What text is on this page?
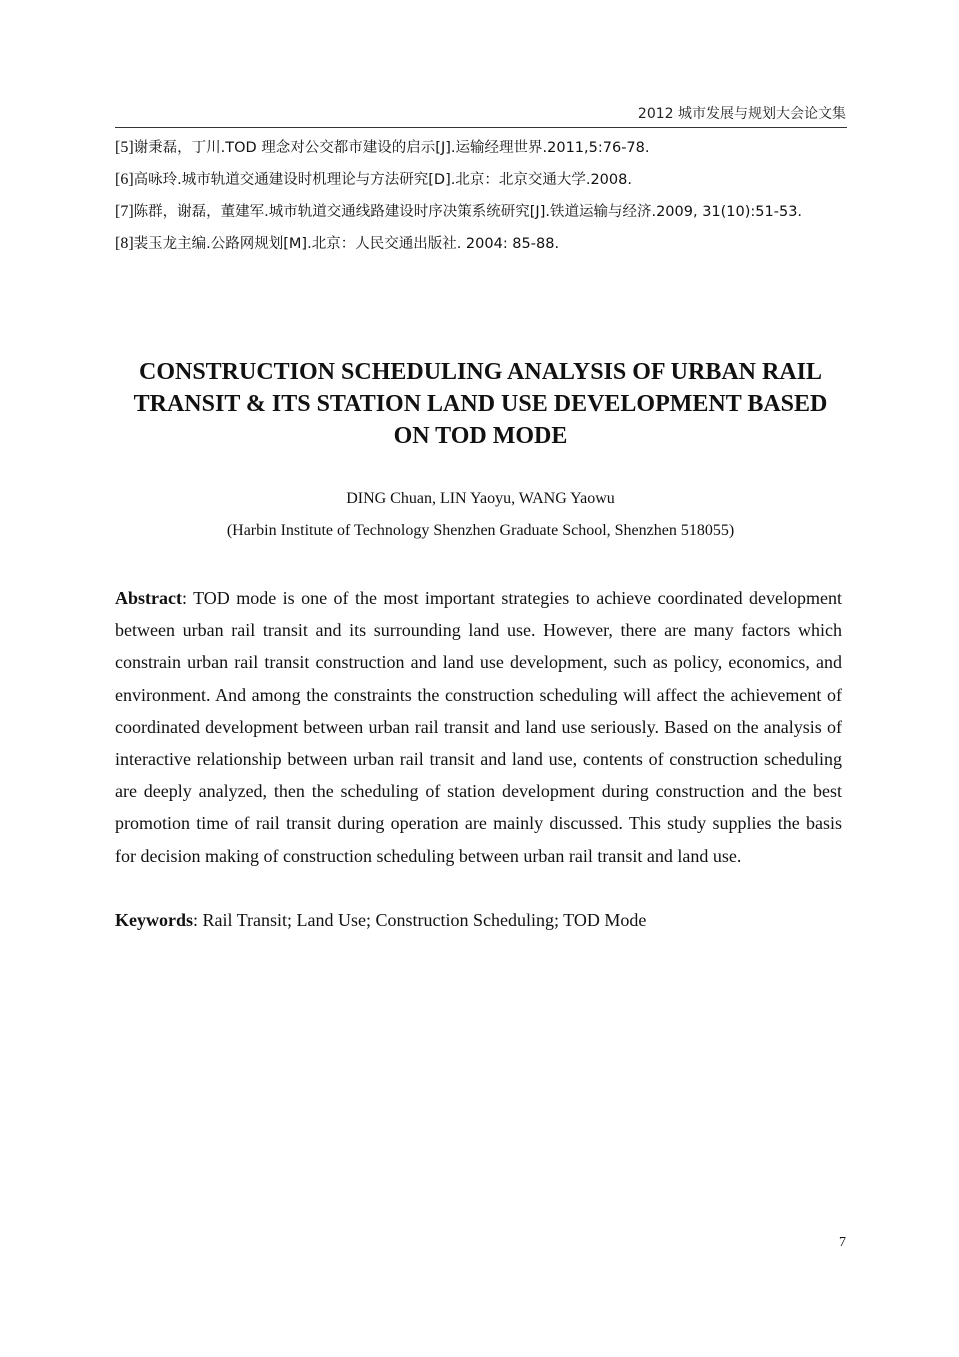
2012 城市发展与规划大会论文集

[5]谢秉磊，丁川.TOD 理念对公交都市建设的启示[J].运输经理世界.2011,5:76-78.

[6]高咏玲.城市轨道交通建设时机理论与方法研究[D].北京：北京交通大学.2008.

[7]陈群，谢磊，董建军.城市轨道交通线路建设时序决策系统研究[J].铁道运输与经济.2009, 31(10):51-53.

[8]裴玉龙主编.公路网规划[M].北京：人民交通出版社. 2004: 85-88.

CONSTRUCTION SCHEDULING ANALYSIS OF URBAN RAIL TRANSIT & ITS STATION LAND USE DEVELOPMENT BASED ON TOD MODE
DING Chuan, LIN Yaoyu, WANG Yaowu
(Harbin Institute of Technology Shenzhen Graduate School, Shenzhen 518055)

Abstract: TOD mode is one of the most important strategies to achieve coordinated development between urban rail transit and its surrounding land use. However, there are many factors which constrain urban rail transit construction and land use development, such as policy, economics, and environment. And among the constraints the construction scheduling will affect the achievement of coordinated development between urban rail transit and land use seriously. Based on the analysis of interactive relationship between urban rail transit and land use, contents of construction scheduling are deeply analyzed, then the scheduling of station development during construction and the best promotion time of rail transit during operation are mainly discussed. This study supplies the basis for decision making of construction scheduling between urban rail transit and land use.

Keywords: Rail Transit; Land Use; Construction Scheduling; TOD Mode

7
